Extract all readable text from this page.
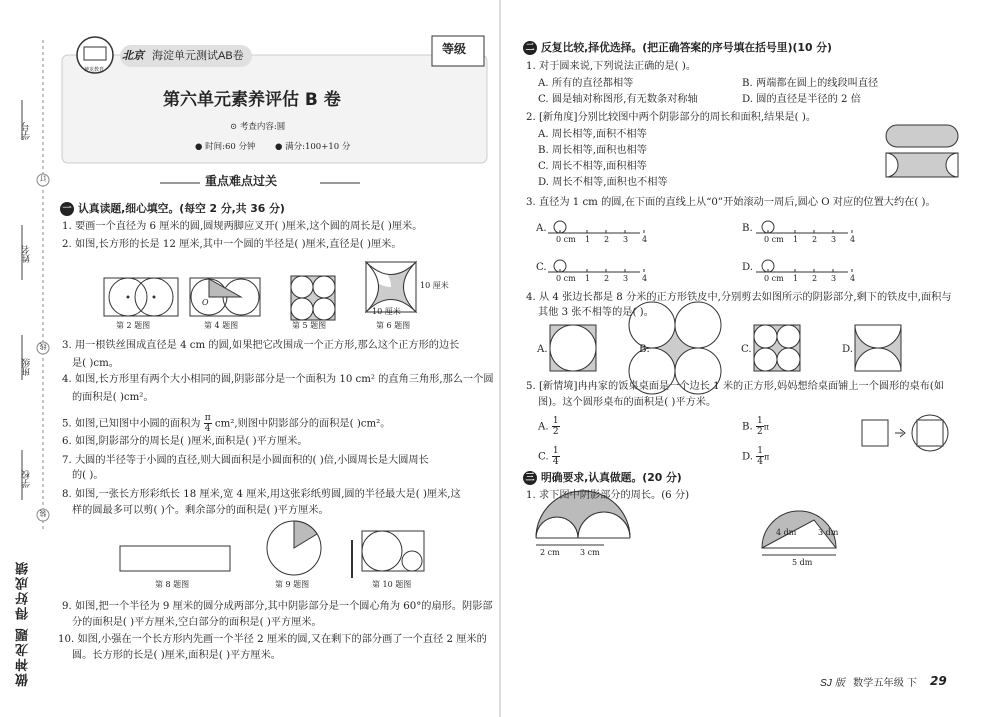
学号
姓名
班级
学校
订
线
装
做神龙题 得好成绩
神龙教育
北京 海淀单元测试AB卷	等级
第六单元素养评估 B 卷
⊙ 考查内容:圆
● 时间:60 分钟 ● 满分:100+10 分
重点难点过关
一 认真读题,细心填空。(每空 2 分,共 36 分)
1. 要画一个直径为 6 厘米的圆,圆规两脚应叉开( )厘米,这个圆的周长是( )厘米。
2. 如图,长方形的长是 12 厘米,其中一个圆的半径是( )厘米,直径是( )厘米。
第 2 题图	第 4 题图	第 5 题图	第 6 题图
10 厘米
10 厘米
O
3. 用一根铁丝围成直径是 4 cm 的圆,如果把它改围成一个正方形,那么这个正方形的边长
是( )cm。
4. 如图,长方形里有两个大小相同的圆,阴影部分是一个面积为 10 cm² 的直角三角形,那么一个圆
的面积是( )cm²。
5. 如图,已知图中小圆的面积为 $\frac{\pi}{4} cm^2$,则图中阴影部分的面积是( )cm²。
6. 如图,阴影部分的周长是( )厘米,面积是( )平方厘米。
7. 大圆的半径等于小圆的直径,则大圆面积是小圆面积的( )倍,小圆周长是大圆周长
的( )。
8. 如图,一张长方形彩纸长 18 厘米,宽 4 厘米,用这张彩纸剪圆,圆的半径最大是( )厘米,这
样的圆最多可以剪( )个。剩余部分的面积是( )平方厘米。
第 8 题图	第 9 题图	第 10 题图
9. 如图,把一个半径为 9 厘米的圆分成两部分,其中阴影部分是一个圆心角为 60°的扇形。阴影部
分的面积是( )平方厘米,空白部分的面积是( )平方厘米。
10. 如图,小强在一个长方形内先画一个半径 2 厘米的圆,又在剩下的部分画了一个直径 2 厘米的
圆。长方形的长是( )厘米,面积是( )平方厘米。
二 反复比较,择优选择。(把正确答案的序号填在括号里)(10 分)
1. 对于圆来说,下列说法正确的是( )。
A. 所有的直径都相等	B. 两端都在圆上的线段叫直径
C. 圆是轴对称图形,有无数条对称轴	D. 圆的直径是半径的 2 倍
2. [新角度]分别比较图中两个阴影部分的周长和面积,结果是( )。
A. 周长相等,面积不相等
B. 周长相等,面积也相等
C. 周长不相等,面积相等
D. 周长不相等,面积也不相等
3. 直径为 1 cm 的圆,在下面的直线上从“0”开始滚动一周后,圆心 O 对应的位置大约在( )。
A.	B.
C.	D.
0 cm 1 2 3 4	0 cm 1 2 3 4
0 cm 1 2 3 4	0 cm 1 2 3 4
4. 从 4 张边长都是 8 分米的正方形铁皮中,分别剪去如图所示的阴影部分,剩下的铁皮中,面积与
其他 3 张不相等的是( )。
A.	B.	C.	D.
5. [新情境]冉冉家的饭桌桌面是一个边长 1 米的正方形,妈妈想给桌面铺上一个圆形的桌布(如
图)。这个圆形桌布的面积是( )平方米。
A. $\frac{1}{2}$	B. $\frac{1}{2}$ π
C. $\frac{1}{4}$	D. $\frac{1}{4}$ π
三 明确要求,认真做题。(20 分)
1. 求下图中阴影部分的周长。(6 分)
2 cm	3 cm
4 dm	3 dm
5 dm
SJ 版 数学五年级 下 29
